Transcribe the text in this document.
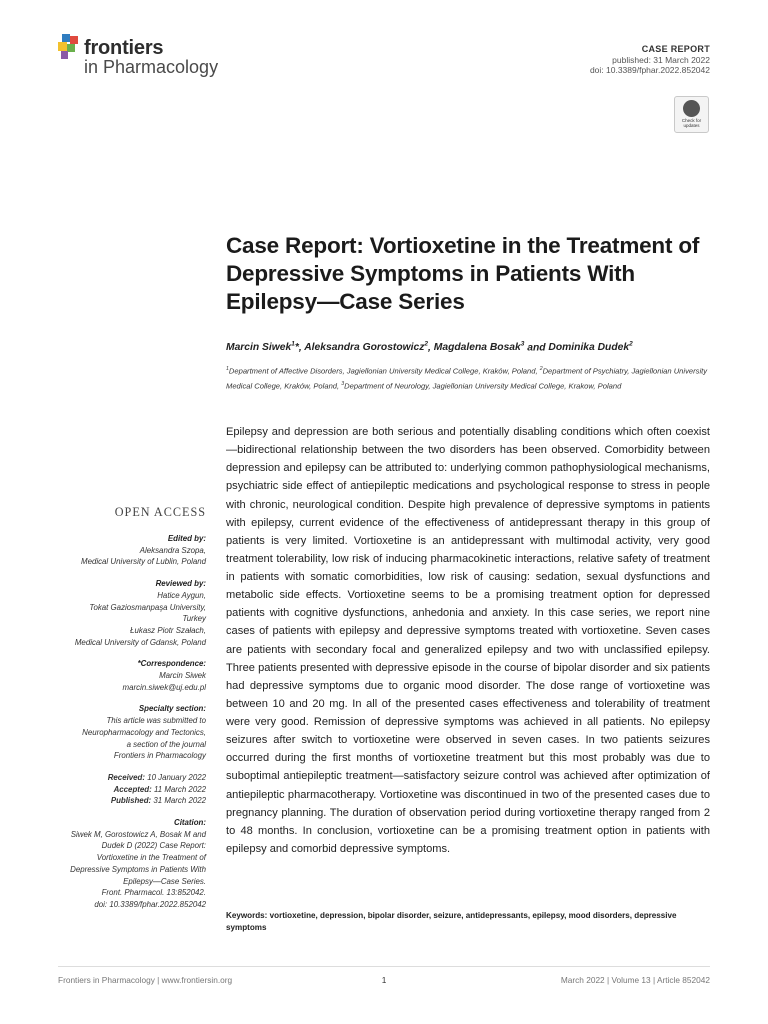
frontiers
in Pharmacology
CASE REPORT
published: 31 March 2022
doi: 10.3389/fphar.2022.852042
Check for
updates
Case Report: Vortioxetine in the Treatment of Depressive Symptoms in Patients With Epilepsy—Case Series
Marcin Siwek$^1$*, Aleksandra Gorostowicz$^2$, Magdalena Bosak$^3$ and Dominika Dudek$^2$
$^1$Department of Affective Disorders, Jagiellonian University Medical College, Kraków, Poland, $^2$Department of Psychiatry, Jagiellonian University Medical College, Kraków, Poland, $^3$Department of Neurology, Jagiellonian University Medical College, Krakow, Poland
Epilepsy and depression are both serious and potentially disabling conditions which often coexist—bidirectional relationship between the two disorders has been observed. Comorbidity between depression and epilepsy can be attributed to: underlying common pathophysiological mechanisms, psychiatric side effect of antiepileptic medications and psychological response to stress in people with chronic, neurological condition. Despite high prevalence of depressive symptoms in patients with epilepsy, current evidence of the effectiveness of antidepressant therapy in this group of patients is very limited. Vortioxetine is an antidepressant with multimodal activity, very good treatment tolerability, low risk of inducing pharmacokinetic interactions, relative safety of treatment in patients with somatic comorbidities, low risk of causing: sedation, sexual dysfunctions and metabolic side effects. Vortioxetine seems to be a promising treatment option for depressed patients with cognitive dysfunctions, anhedonia and anxiety. In this case series, we report nine cases of patients with epilepsy and depressive symptoms treated with vortioxetine. Seven cases are patients with secondary focal and generalized epilepsy and two with unclassified epilepsy. Three patients presented with depressive episode in the course of bipolar disorder and six patients had depressive symptoms due to organic mood disorder. The dose range of vortioxetine was between 10 and 20 mg. In all of the presented cases effectiveness and tolerability of treatment were very good. Remission of depressive symptoms was achieved in all patients. No epilepsy seizures after switch to vortioxetine were observed in seven cases. In two patients seizures occurred during the first months of vortioxetine treatment but this most probably was due to suboptimal antiepileptic treatment—satisfactory seizure control was achieved after optimization of antiepileptic pharmacotherapy. Vortioxetine was discontinued in two of the presented cases due to pregnancy planning. The duration of observation period during vortioxetine therapy ranged from 2 to 48 months. In conclusion, vortioxetine can be a promising treatment option in patients with epilepsy and comorbid depressive symptoms.
Keywords: vortioxetine, depression, bipolar disorder, seizure, antidepressants, epilepsy, mood disorders, depressive symptoms
OPEN ACCESS
Edited by:
Aleksandra Szopa,
Medical University of Lublin, Poland
Reviewed by:
Hatice Aygun,
Tokat Gaziosmanpaşa University,
Turkey
Łukasz Piotr Szałach,
Medical University of Gdansk, Poland
*Correspondence:
Marcin Siwek
marcin.siwek@uj.edu.pl
Specialty section:
This article was submitted to
Neuropharmacology and Tectonics,
a section of the journal
Frontiers in Pharmacology
Received: 10 January 2022
Accepted: 11 March 2022
Published: 31 March 2022
Citation:
Siwek M, Gorostowicz A, Bosak M and
Dudek D (2022) Case Report:
Vortioxetine in the Treatment of
Depressive Symptoms in Patients With
Epilepsy—Case Series.
Front. Pharmacol. 13:852042.
doi: 10.3389/fphar.2022.852042
Frontiers in Pharmacology | www.frontiersin.org	1	March 2022 | Volume 13 | Article 852042
